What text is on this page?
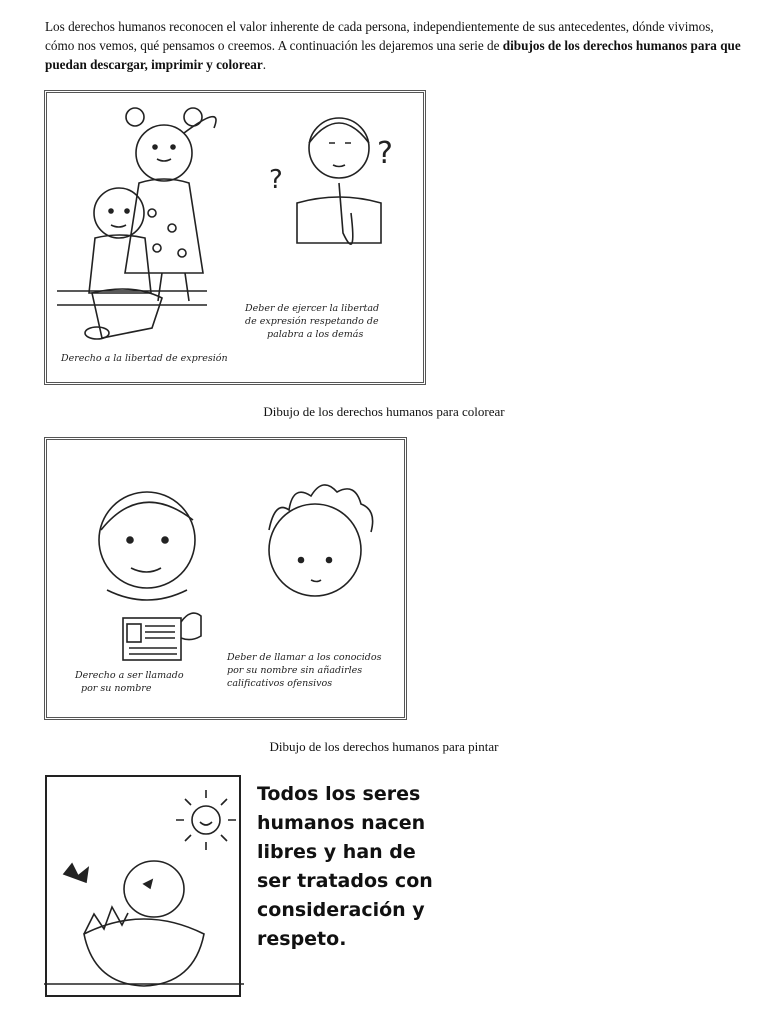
Los derechos humanos reconocen el valor inherente de cada persona, independientemente de sus antecedentes, dónde vivimos, cómo nos vemos, qué pensamos o creemos. A continuación les dejaremos una serie de dibujos de los derechos humanos para que puedan descargar, imprimir y colorear.

?
?
Derecho a la libertad de expresión
Deber de ejercer la libertad
de expresión respetando de
palabra a los demás
Dibujo de los derechos humanos para colorear
Derecho a ser llamado
por su nombre
Deber de llamar a los conocidos
por su nombre sin añadirles
calificativos ofensivos
Dibujo de los derechos humanos para pintar

Todos los seres
humanos nacen
libres y han de
ser tratados con
consideración y
respeto.
